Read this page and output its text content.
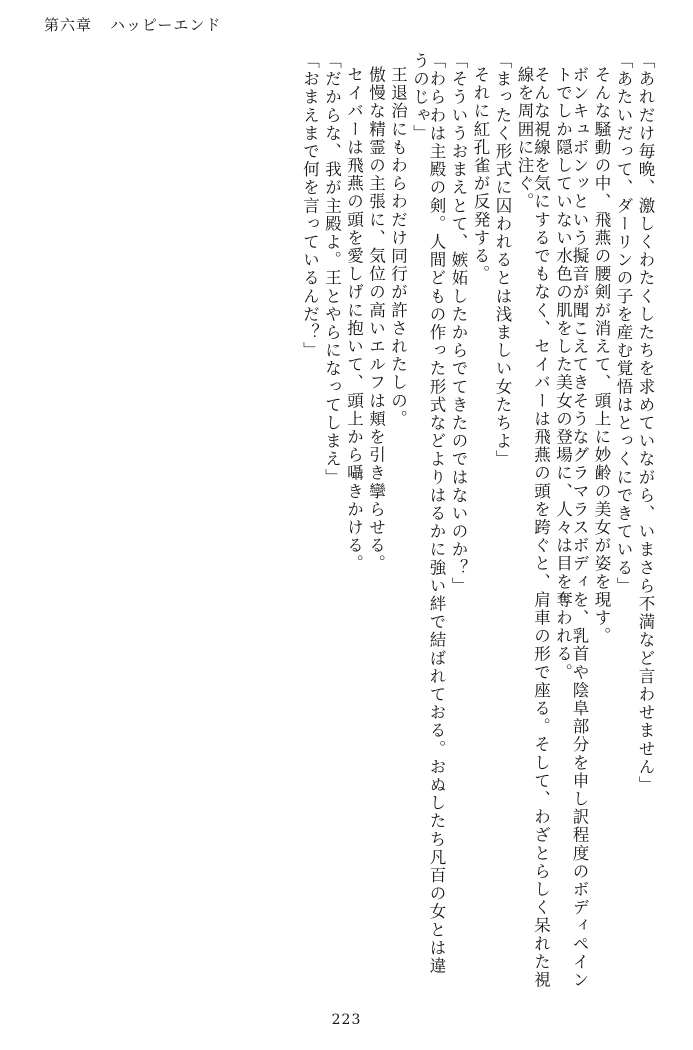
第六章 ハッピーエンド
「あれだけ毎晩、激しくわたくしたちを求めていながら、いまさら不満など言わせません」
「あたいだって、ダーリンの子を産む覚悟はとっくにできている」
そんな騒動の中、飛燕の腰剣が消えて、頭上に妙齢の美女が姿を現す。
ボンキュボンッという擬音が聞こえてきそうなグラマラスボディを、乳首や陰阜部分を申し訳程度のボディペイントでしか隠していない水色の肌をした美女の登場に、人々は目を奪われる。
そんな視線を気にするでもなく、セイバーは飛燕の頭を跨ぐと、肩車の形で座る。そして、わざとらしく呆れた視線を周囲に注ぐ。
「まったく形式に囚われるとは浅ましい女たちよ」
それに紅孔雀が反発する。
「そういうおまえとて、嫉妬したからでてきたのではないのか？」
「わらわは主殿の剣。人間どもの作った形式などよりはるかに強い絆で結ばれておる。おぬしたち凡百の女とは違うのじゃ」
王退治にもわらわだけ同行が許されたしの。
傲慢な精霊の主張に、気位の高いエルフは頬を引き攣らせる。
セイバーは飛燕の頭を愛しげに抱いて、頭上から囁きかける。
「だからな、我が主殿よ。王とやらになってしまえ」
「おまえまで何を言っているんだ？」
223
